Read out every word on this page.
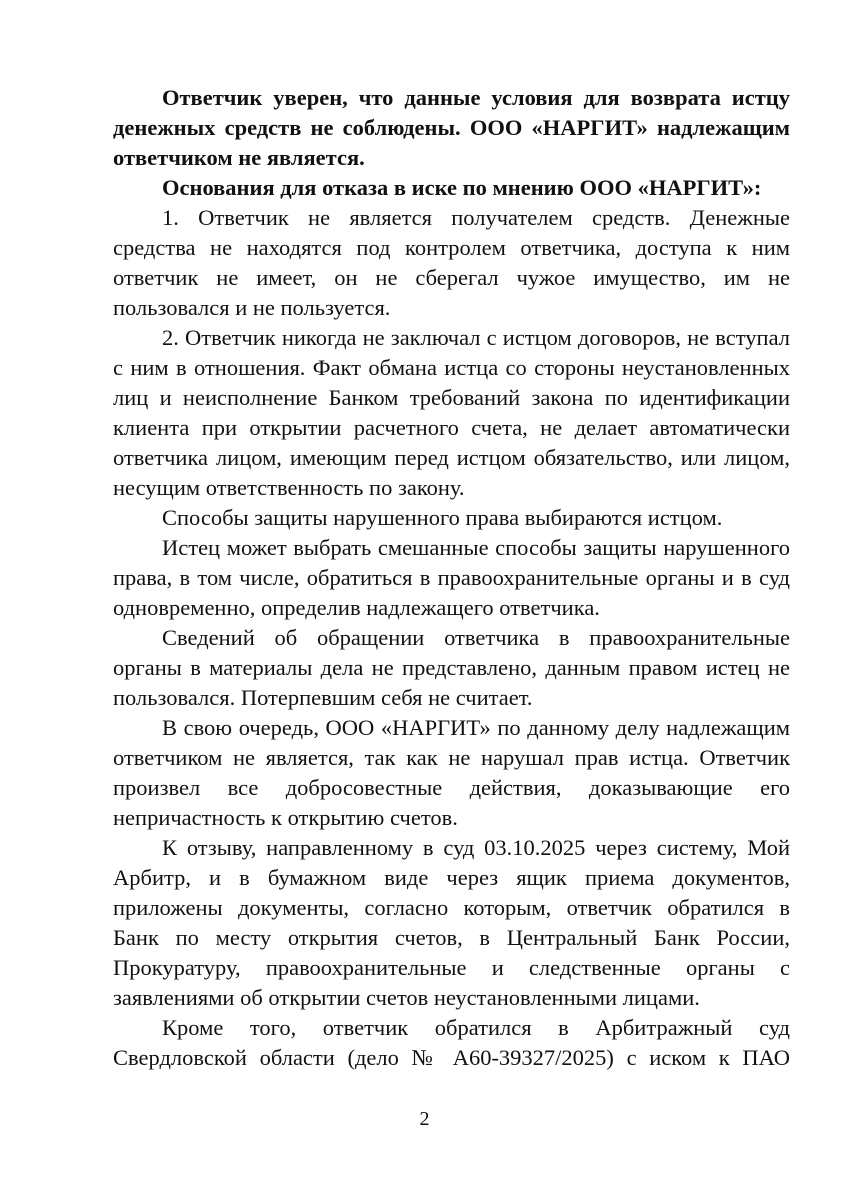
Ответчик уверен, что данные условия для возврата истцу
денежных средств не соблюдены. ООО «НАРГИТ» надлежащим
ответчиком не является.
Основания для отказа в иске по мнению ООО «НАРГИТ»:
1. Ответчик не является получателем средств. Денежные
средства не находятся под контролем ответчика, доступа к ним
ответчик не имеет, он не сберегал чужое имущество, им не
пользовался и не пользуется.
2. Ответчик никогда не заключал с истцом договоров, не вступал
с ним в отношения. Факт обмана истца со стороны неустановленных
лиц и неисполнение Банком требований закона по идентификации
клиента при открытии расчетного счета, не делает автоматически
ответчика лицом, имеющим перед истцом обязательство, или лицом,
несущим ответственность по закону.
Способы защиты нарушенного права выбираются истцом.
Истец может выбрать смешанные способы защиты нарушенного
права, в том числе, обратиться в правоохранительные органы и в суд
одновременно, определив надлежащего ответчика.
Сведений об обращении ответчика в правоохранительные
органы в материалы дела не представлено, данным правом истец не
пользовался. Потерпевшим себя не считает.
В свою очередь, ООО «НАРГИТ» по данному делу надлежащим
ответчиком не является, так как не нарушал прав истца. Ответчик
произвел все добросовестные действия, доказывающие его
непричастность к открытию счетов.
К отзыву, направленному в суд 03.10.2025 через систему, Мой
Арбитр, и в бумажном виде через ящик приема документов,
приложены документы, согласно которым, ответчик обратился в
Банк по месту открытия счетов, в Центральный Банк России,
Прокуратуру, правоохранительные и следственные органы с
заявлениями об открытии счетов неустановленными лицами.
Кроме того, ответчик обратился в Арбитражный суд
Свердловской области (дело № А60-39327/2025) с иском к ПАО
2
